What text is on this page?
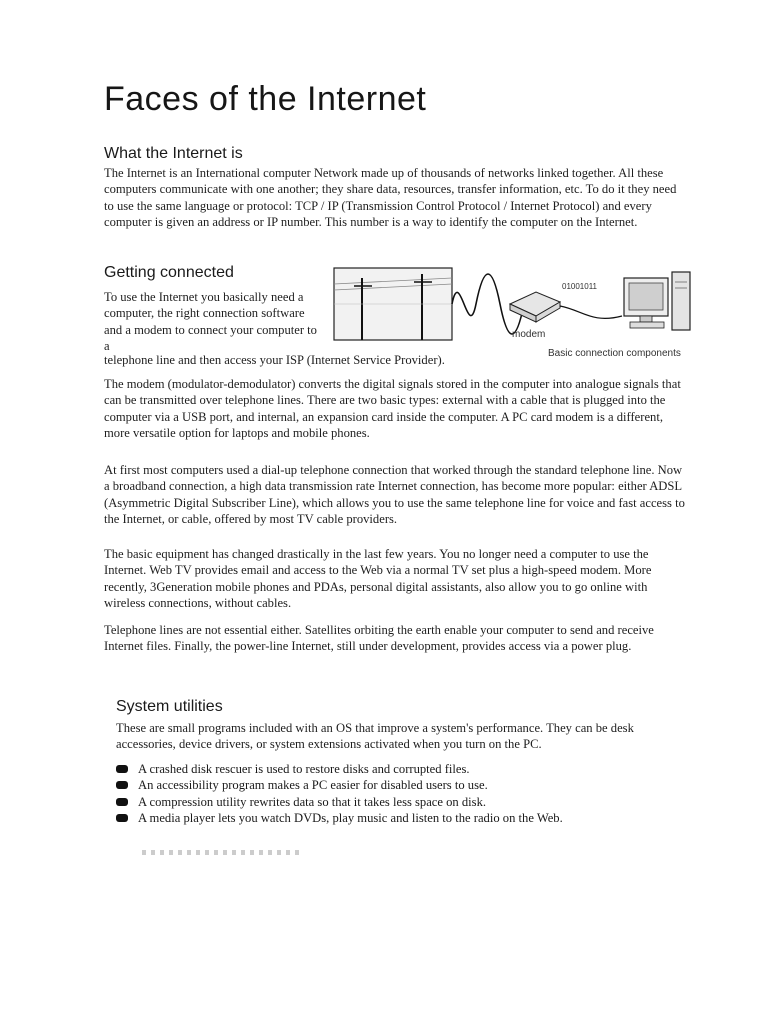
Faces of the Internet
What the Internet is

The Internet is an International computer Network made up of thousands of networks linked together. All these computers communicate with one another; they share data, resources, transfer information, etc. To do it they need to use the same language or protocol: TCP / IP (Transmission Control Protocol / Internet Protocol) and every computer is given an address or IP number. This number is a way to identify the computer on the Internet.

Getting connected

To use the Internet you basically need a computer, the right connection software and a modem to connect your computer to a

telephone line and then access your ISP (Internet Service Provider).

01001011
modem
Basic connection components

The modem (modulator-demodulator) converts the digital signals stored in the computer into analogue signals that can be transmitted over telephone lines. There are two basic types: external with a cable that is plugged into the computer via a USB port, and internal, an expansion card inside the computer. A PC card modem is a different, more versatile option for laptops and mobile phones.

At first most computers used a dial-up telephone connection that worked through the standard telephone line. Now a broadband connection, a high data transmission rate Internet connection, has become more popular: either ADSL (Asymmetric Digital Subscriber Line), which allows you to use the same telephone line for voice and fast access to the Internet, or cable, offered by most TV cable providers.

The basic equipment has changed drastically in the last few years. You no longer need a computer to use the Internet. Web TV provides email and access to the Web via a normal TV set plus a high-speed modem. More recently, 3Generation mobile phones and PDAs, personal digital assistants, also allow you to go online with wireless connections, without cables.

Telephone lines are not essential either. Satellites orbiting the earth enable your computer to send and receive Internet files. Finally, the power-line Internet, still under development, provides access via a power plug.

System utilities

These are small programs included with an OS that improve a system's performance. They can be desk accessories, device drivers, or system extensions activated when you turn on the PC.

A crashed disk rescuer is used to restore disks and corrupted files.
An accessibility program makes a PC easier for disabled users to use.
A compression utility rewrites data so that it takes less space on disk.
A media player lets you watch DVDs, play music and listen to the radio on the Web.
